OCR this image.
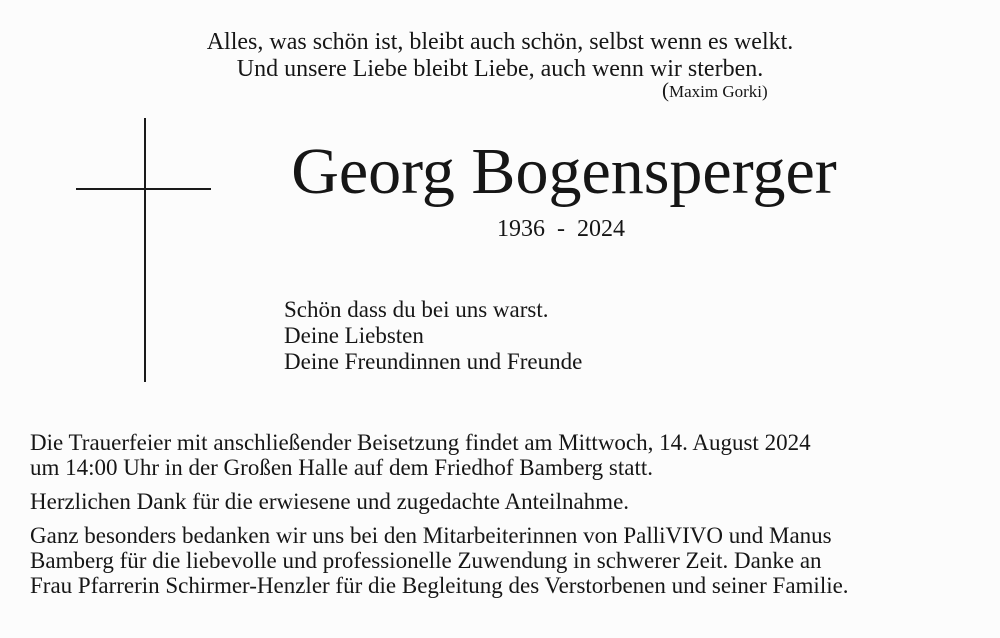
Alles, was schön ist, bleibt auch schön, selbst wenn es welkt.
Und unsere Liebe bleibt Liebe, auch wenn wir sterben.
(Maxim Gorki)
Georg Bogensperger
1936 - 2024
Schön dass du bei uns warst.
Deine Liebsten
Deine Freundinnen und Freunde

Die Trauerfeier mit anschließender Beisetzung findet am Mittwoch, 14. August 2024
um 14:00 Uhr in der Großen Halle auf dem Friedhof Bamberg statt.

Herzlichen Dank für die erwiesene und zugedachte Anteilnahme.

Ganz besonders bedanken wir uns bei den Mitarbeiterinnen von PalliVIVO und Manus
Bamberg für die liebevolle und professionelle Zuwendung in schwerer Zeit. Danke an
Frau Pfarrerin Schirmer-Henzler für die Begleitung des Verstorbenen und seiner Familie.
